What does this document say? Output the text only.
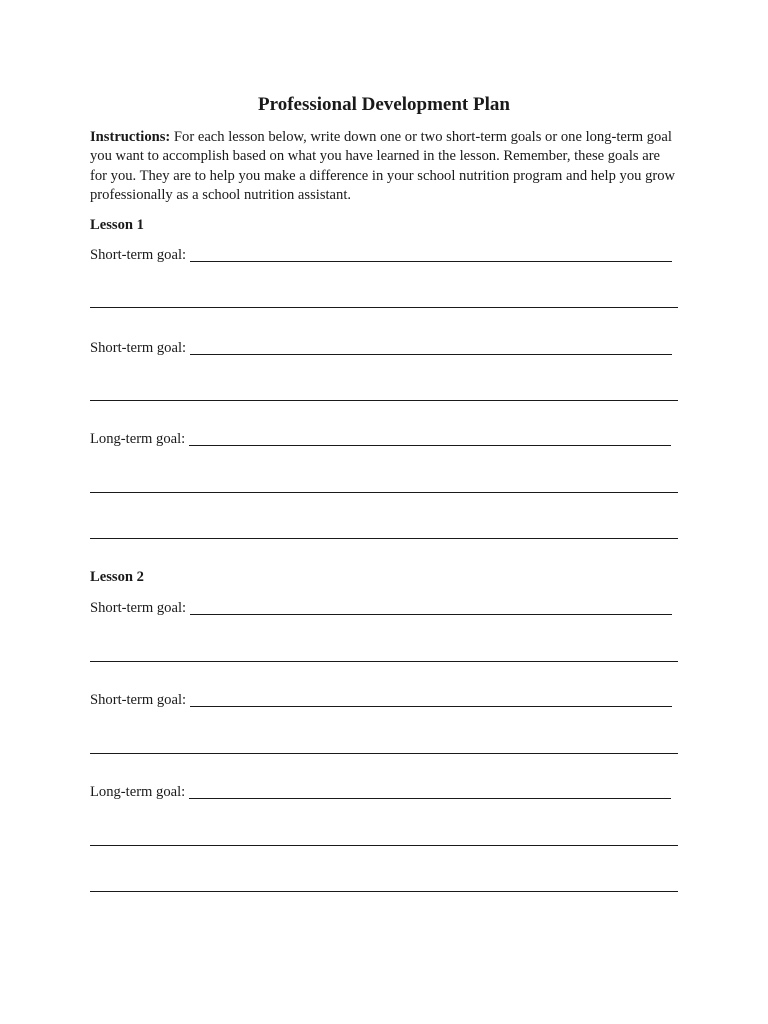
Professional Development Plan
Instructions: For each lesson below, write down one or two short-term goals or one long-term goal you want to accomplish based on what you have learned in the lesson. Remember, these goals are for you. They are to help you make a difference in your school nutrition program and help you grow professionally as a school nutrition assistant.
Lesson 1
Short-term goal:
Short-term goal:
Long-term goal:
Lesson 2
Short-term goal:
Short-term goal:
Long-term goal:
